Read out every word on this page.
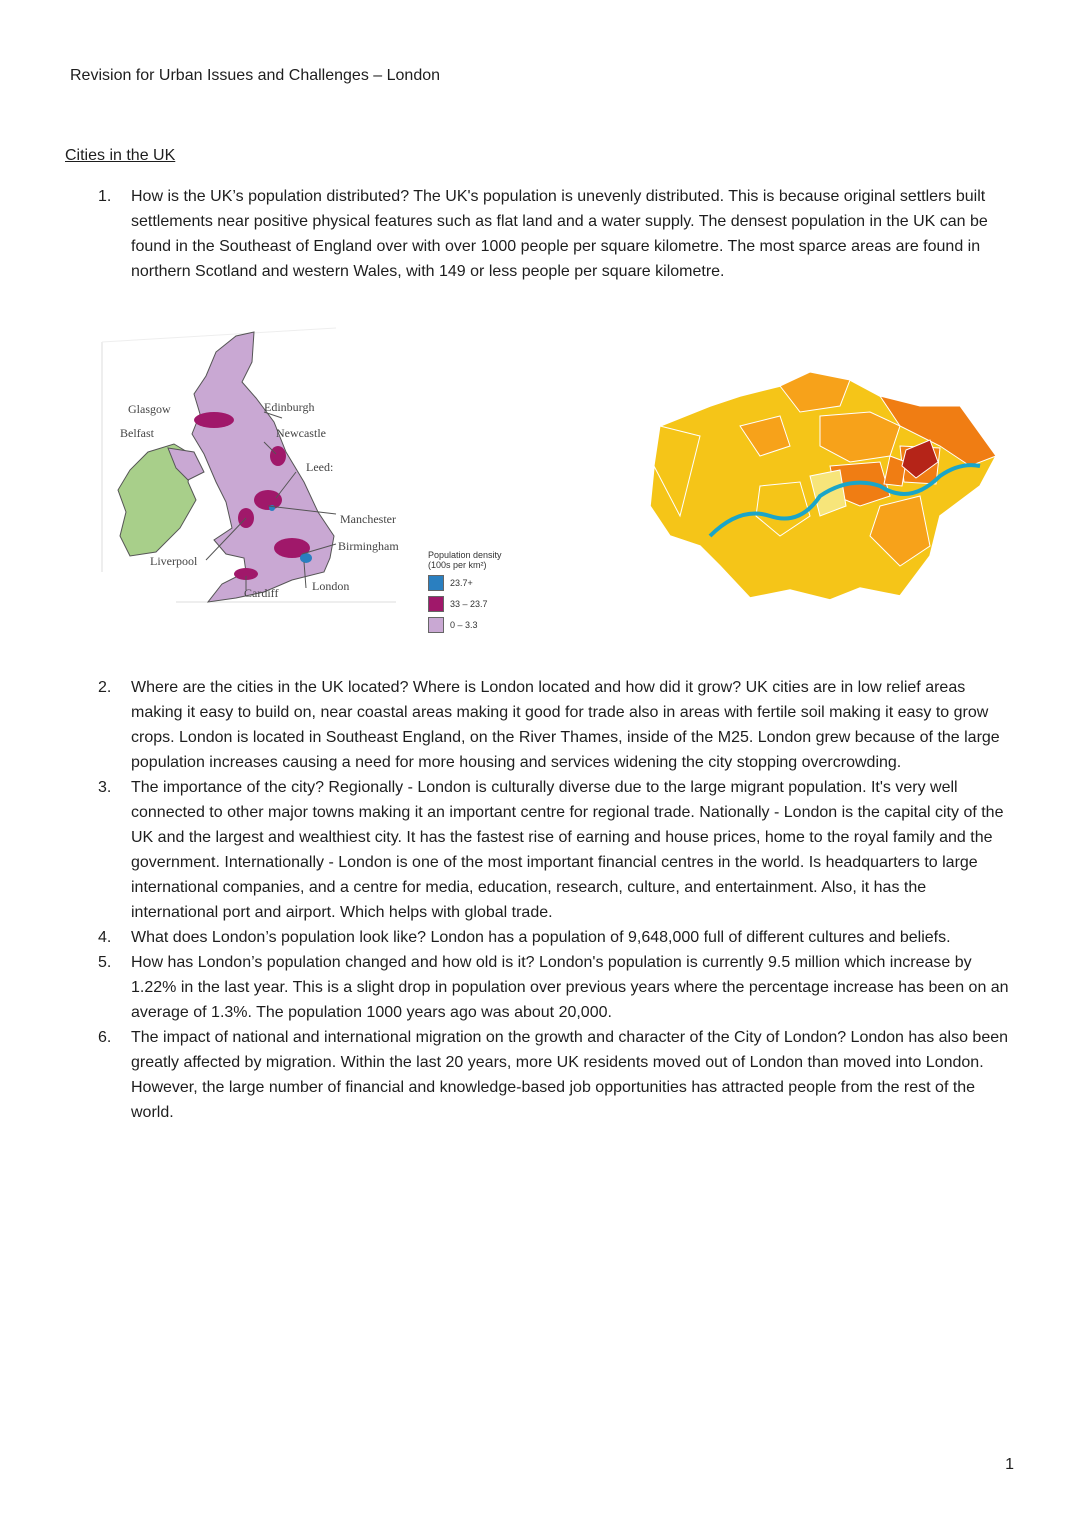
Revision for Urban Issues and Challenges – London
Cities in the UK
1. How is the UK’s population distributed? The UK's population is unevenly distributed. This is because original settlers built settlements near positive physical features such as flat land and a water supply. The densest population in the UK can be found in the Southeast of England over with over 1000 people per square kilometre. The most sparce areas are found in northern Scotland and western Wales, with 149 or less people per square kilometre.
Glasgow
Belfast
Edinburgh
Newcastle
Leed:
Manchester
Birmingham
Liverpool
Cardiff	London
Population density (100s per km²)
23.7+
33 – 23.7
0 – 3.3
2. Where are the cities in the UK located? Where is London located and how did it grow? UK cities are in low relief areas making it easy to build on, near coastal areas making it good for trade also in areas with fertile soil making it easy to grow crops. London is located in Southeast England, on the River Thames, inside of the M25. London grew because of the large population increases causing a need for more housing and services widening the city stopping overcrowding.
3. The importance of the city? Regionally - London is culturally diverse due to the large migrant population. It's very well connected to other major towns making it an important centre for regional trade. Nationally - London is the capital city of the UK and the largest and wealthiest city. It has the fastest rise of earning and house prices, home to the royal family and the government. Internationally - London is one of the most important financial centres in the world. Is headquarters to large international companies, and a centre for media, education, research, culture, and entertainment. Also, it has the international port and airport. Which helps with global trade.
4. What does London’s population look like? London has a population of 9,648,000 full of different cultures and beliefs.
5. How has London’s population changed and how old is it? London's population is currently 9.5 million which increase by 1.22% in the last year. This is a slight drop in population over previous years where the percentage increase has been on an average of 1.3%. The population 1000 years ago was about 20,000.
6. The impact of national and international migration on the growth and character of the City of London? London has also been greatly affected by migration. Within the last 20 years, more UK residents moved out of London than moved into London. However, the large number of financial and knowledge-based job opportunities has attracted people from the rest of the world.
1
